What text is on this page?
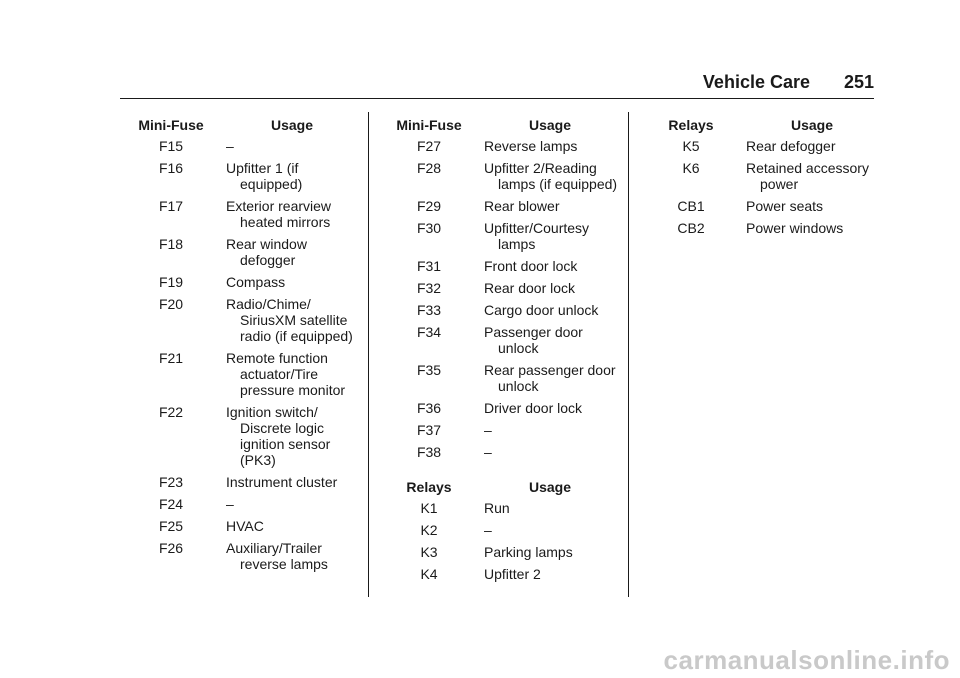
Vehicle Care 251
Mini-Fuse	Usage
F15	–
F16	Upfitter 1 (if equipped)
F17	Exterior rearview heated mirrors
F18	Rear window defogger
F19	Compass
F20	Radio/Chime/ SiriusXM satellite radio (if equipped)
F21	Remote function actuator/Tire pressure monitor
F22	Ignition switch/ Discrete logic ignition sensor (PK3)
F23	Instrument cluster
F24	–
F25	HVAC
F26	Auxiliary/Trailer reverse lamps
Mini-Fuse	Usage
F27	Reverse lamps
F28	Upfitter 2/Reading lamps (if equipped)
F29	Rear blower
F30	Upfitter/Courtesy lamps
F31	Front door lock
F32	Rear door lock
F33	Cargo door unlock
F34	Passenger door unlock
F35	Rear passenger door unlock
F36	Driver door lock
F37	–
F38	–
Relays	Usage
K1	Run
K2	–
K3	Parking lamps
K4	Upfitter 2
Relays	Usage
K5	Rear defogger
K6	Retained accessory power
CB1	Power seats
CB2	Power windows
carmanualsonline.info
